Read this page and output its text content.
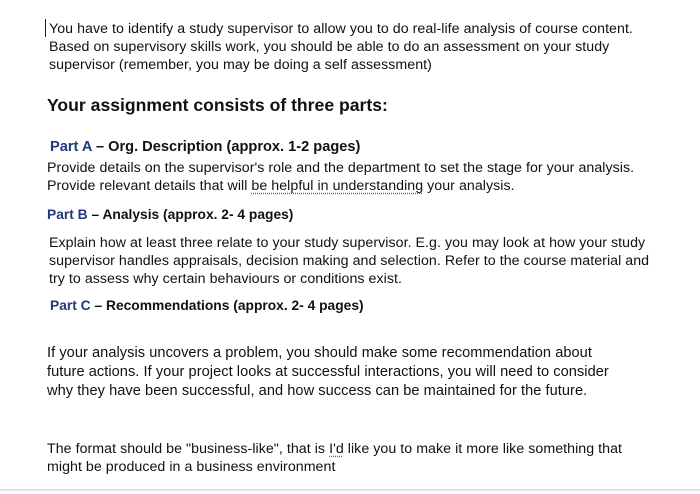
You have to identify a study supervisor to allow you to do real-life analysis of course content.
Based on supervisory skills work, you should be able to do an assessment on your study
supervisor (remember, you may be doing a self assessment)

Your assignment consists of three parts:

Part A – Org. Description (approx. 1-2 pages)

Provide details on the supervisor's role and the department to set the stage for your analysis.
Provide relevant details that will be helpful in understanding your analysis.

Part B – Analysis (approx. 2- 4 pages)

Explain how at least three relate to your study supervisor. E.g. you may look at how your study
supervisor handles appraisals, decision making and selection. Refer to the course material and
try to assess why certain behaviours or conditions exist.

Part C – Recommendations (approx. 2- 4 pages)

If your analysis uncovers a problem, you should make some recommendation about
future actions. If your project looks at successful interactions, you will need to consider
why they have been successful, and how success can be maintained for the future.

The format should be "business-like", that is I'd like you to make it more like something that
might be produced in a business environment
